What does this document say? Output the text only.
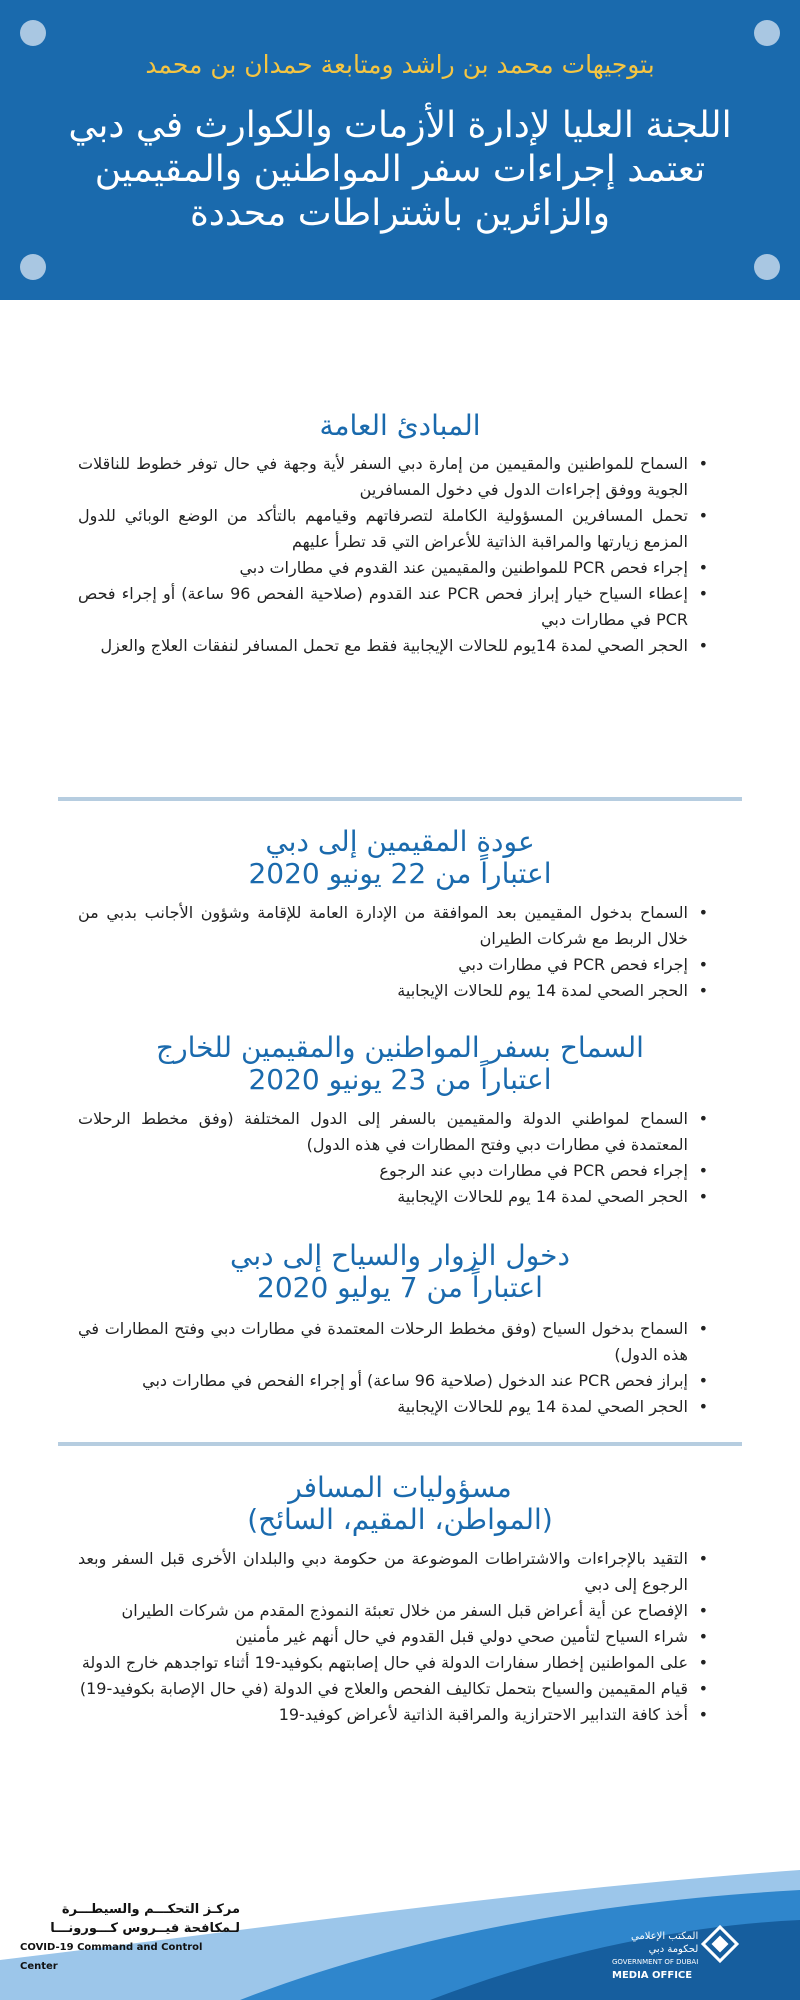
بتوجيهات محمد بن راشد ومتابعة حمدان بن محمد
اللجنة العليا لإدارة الأزمات والكوارث في دبي
تعتمد إجراءات سفر المواطنين والمقيمين
والزائرين باشتراطات محددة
المبادئ العامة
• السماح للمواطنين والمقيمين من إمارة دبي السفر لأية وجهة في حال توفر خطوط للناقلات الجوية ووفق إجراءات الدول في دخول المسافرين
• تحمل المسافرين المسؤولية الكاملة لتصرفاتهم وقيامهم بالتأكد من الوضع الوبائي للدول المزمع زيارتها والمراقبة الذاتية للأعراض التي قد تطرأ عليهم
• إجراء فحص PCR للمواطنين والمقيمين عند القدوم في مطارات دبي
• إعطاء السياح خيار إبراز فحص PCR عند القدوم (صلاحية الفحص 96 ساعة) أو إجراء فحص PCR في مطارات دبي
• الحجر الصحي لمدة 14يوم للحالات الإيجابية فقط مع تحمل المسافر لنفقات العلاج والعزل
عودة المقيمين إلى دبي
اعتباراً من 22 يونيو 2020
• السماح بدخول المقيمين بعد الموافقة من الإدارة العامة للإقامة وشؤون الأجانب بدبي من خلال الربط مع شركات الطيران
• إجراء فحص PCR في مطارات دبي
• الحجر الصحي لمدة 14 يوم للحالات الإيجابية
السماح بسفر المواطنين والمقيمين للخارج
اعتباراً من 23 يونيو 2020
• السماح لمواطني الدولة والمقيمين بالسفر إلى الدول المختلفة (وفق مخطط الرحلات المعتمدة في مطارات دبي وفتح المطارات في هذه الدول)
• إجراء فحص PCR في مطارات دبي عند الرجوع
• الحجر الصحي لمدة 14 يوم للحالات الإيجابية
دخول الزوار والسياح إلى دبي
اعتباراً من 7 يوليو 2020
• السماح بدخول السياح (وفق مخطط الرحلات المعتمدة في مطارات دبي وفتح المطارات في هذه الدول)
• إبراز فحص PCR عند الدخول (صلاحية 96 ساعة) أو إجراء الفحص في مطارات دبي
• الحجر الصحي لمدة 14 يوم للحالات الإيجابية
مسؤوليات المسافر
(المواطن، المقيم، السائح)
• التقيد بالإجراءات والاشتراطات الموضوعة من حكومة دبي والبلدان الأخرى قبل السفر وبعد الرجوع إلى دبي
• الإفصاح عن أية أعراض قبل السفر من خلال تعبئة النموذج المقدم من شركات الطيران
• شراء السياح لتأمين صحي دولي قبل القدوم في حال أنهم غير مأمنين
• على المواطنين إخطار سفارات الدولة في حال إصابتهم بكوفيد-19 أثناء تواجدهم خارج الدولة
• قيام المقيمين والسياح بتحمل تكاليف الفحص والعلاج في الدولة (في حال الإصابة بكوفيد-19)
• أخذ كافة التدابير الاحترازية والمراقبة الذاتية لأعراض كوفيد-19
مركـز التحكـــم والسيطـــرة
لـمكافحة فيــروس كـــورونـــا
COVID-19 Command and Control Center
المكتب الإعلامي
لحكومة دبي
GOVERNMENT OF DUBAI
MEDIA OFFICE
